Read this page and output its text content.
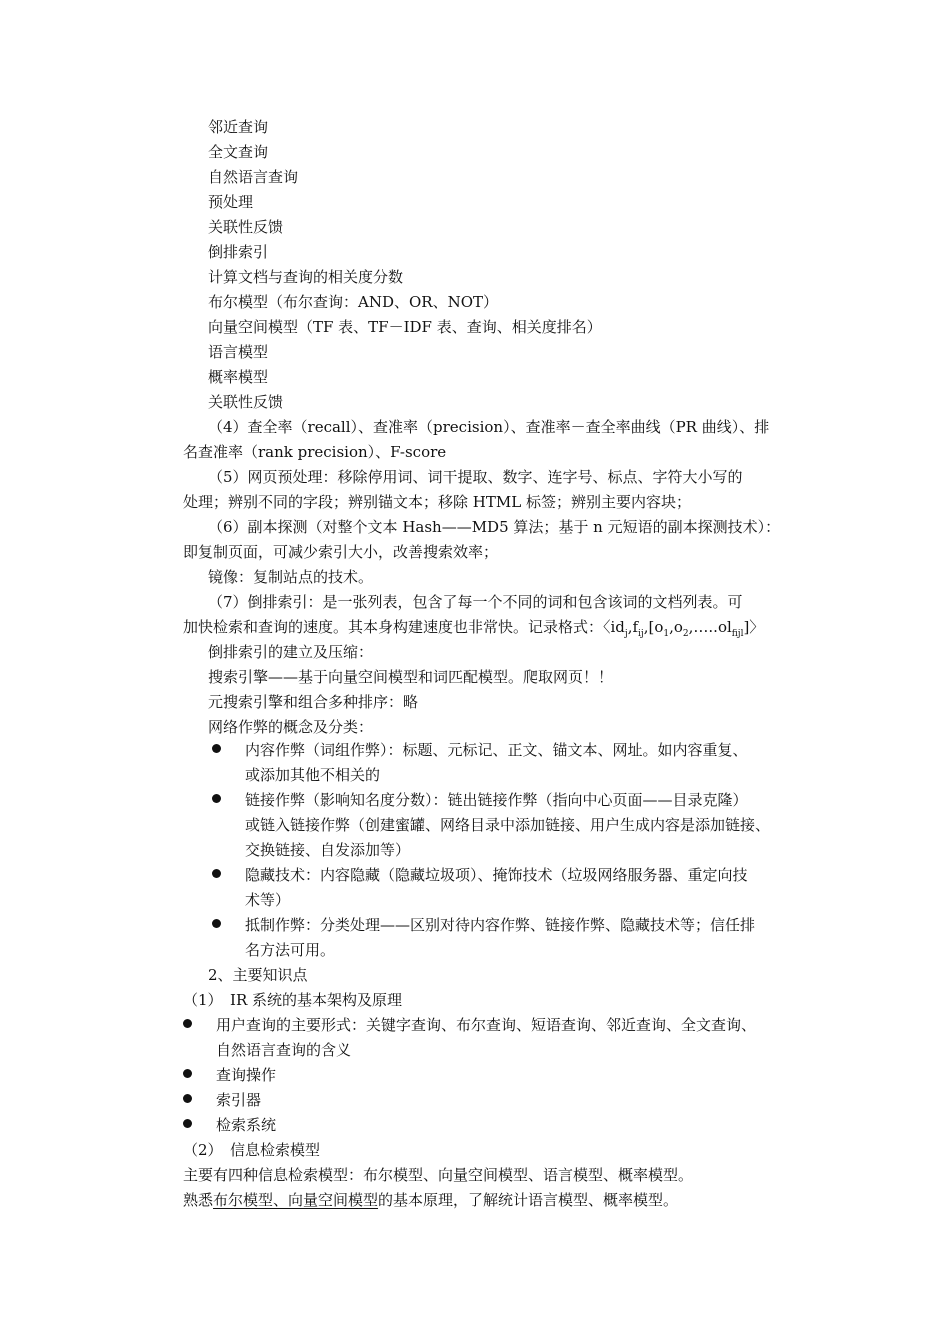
邻近查询
全文查询
自然语言查询
预处理
关联性反馈
倒排索引
计算文档与查询的相关度分数
布尔模型（布尔查询：AND、OR、NOT）
向量空间模型（TF 表、TF－IDF 表、查询、相关度排名）
语言模型
概率模型
关联性反馈
（4）查全率（recall）、查准率（precision）、查准率－查全率曲线（PR 曲线）、排
名查准率（rank precision）、F-score
（5）网页预处理：移除停用词、词干提取、数字、连字号、标点、字符大小写的
处理；辨别不同的字段；辨别锚文本；移除 HTML 标签；辨别主要内容块；
（6）副本探测（对整个文本 Hash——MD5 算法；基于 n 元短语的副本探测技术）：
即复制页面，可减少索引大小，改善搜索效率；
镜像：复制站点的技术。
（7）倒排索引：是一张列表，包含了每一个不同的词和包含该词的文档列表。可
加快检索和查询的速度。其本身构建速度也非常快。记录格式：〈$id_j,f_{ij},[o_1,o_2,\dots..ol_{fijl}]$〉
倒排索引的建立及压缩：
搜索引擎——基于向量空间模型和词匹配模型。爬取网页！！
元搜索引擎和组合多种排序：略
网络作弊的概念及分类：
内容作弊（词组作弊）：标题、元标记、正文、锚文本、网址。如内容重复、
或添加其他不相关的
链接作弊（影响知名度分数）：链出链接作弊（指向中心页面——目录克隆）
或链入链接作弊（创建蜜罐、网络目录中添加链接、用户生成内容是添加链接、
交换链接、自发添加等）
隐藏技术：内容隐藏（隐藏垃圾项）、掩饰技术（垃圾网络服务器、重定向技
术等）
抵制作弊：分类处理——区别对待内容作弊、链接作弊、隐藏技术等；信任排
名方法可用。
2、主要知识点
（1）　IR 系统的基本架构及原理
用户查询的主要形式：关键字查询、布尔查询、短语查询、邻近查询、全文查询、
自然语言查询的含义
查询操作
索引器
检索系统
（2）　信息检索模型
主要有四种信息检索模型：布尔模型、向量空间模型、语言模型、概率模型。
熟悉布尔模型、向量空间模型的基本原理，了解统计语言模型、概率模型。
